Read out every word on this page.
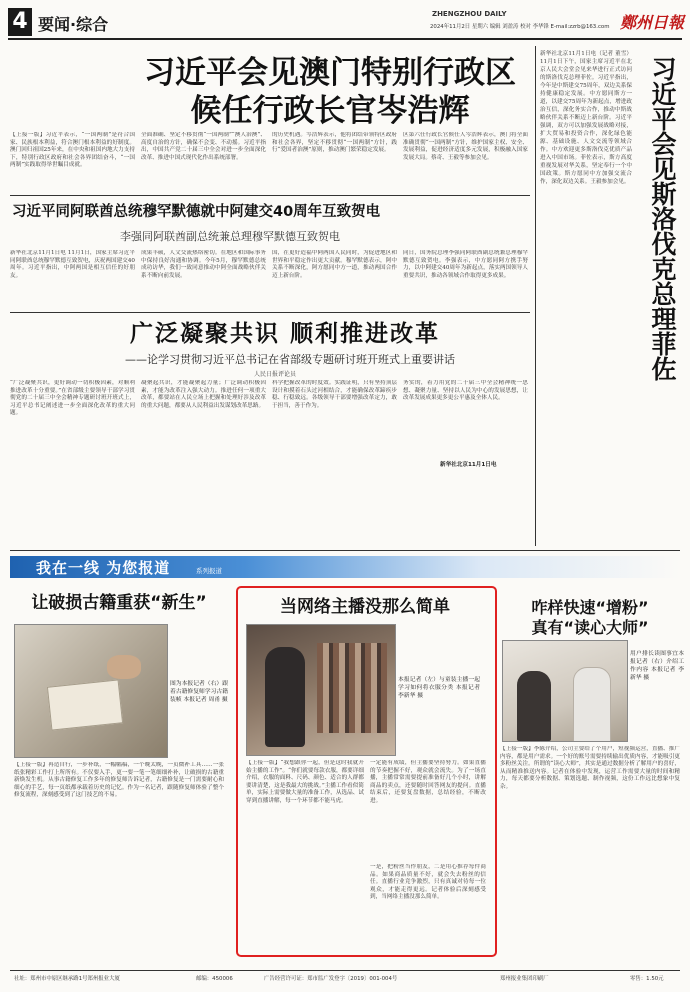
4 要闻·综合
ZHENGZHOU DAILY
2024年11月2日 星期六 编辑 刘盈涛 校对 李华锋 E-mail:zzrb@163.com 鄭州日報
习近平会见澳门特别行政区
候任行政长官岑浩辉
【上接一版】习近平表示，“一国两制”是符合国家、民族根本利益，符合澳门根本利益的好制度。澳门回归祖国25年来，在中央和祖国内地大力支持下，特别行政区政府和社会各界团结奋斗，“一国两制”实践取得举世瞩目成就。
全面准确、坚定不移贯彻“一国两制”“澳人治澳”、高度自治的方针，确保不会变、不动摇。习近平指出，中国共产党二十届三中全会对进一步全面深化改革、推进中国式现代化作出系统部署。
的历史机遇。岑浩辉表示，他将团结带领特区政府和社会各界，坚定不移贯彻“一国两制”方针，践行“爱国者治澳”原则，推动澳门繁荣稳定发展。
区第六任行政长官候任人岑浩辉表示，澳门将全面准确贯彻“一国两制”方针，维护国家主权、安全、发展利益，促进经济适度多元发展，积极融入国家发展大局。蔡奇、王毅等参加会见。
习近平同阿联酋总统穆罕默德就中阿建交40周年互致贺电
李强同阿联酋副总统兼总理穆罕默德互致贺电
新华社北京11月1日电 11月1日，国家主席习近平同阿联酋总统穆罕默德互致贺电，庆祝两国建交40周年。习近平指出，中阿两国是相互信任的好朋友。
成果丰硕，人文交流热络密切。在地区和国际事务中保持良好沟通和协调。今年5月，穆罕默德总统成功访华，我们一致同意推动中阿全面战略伙伴关系不断向前发展。
国，在更好造福中阿两国人民同时，为促进地区和世界和平稳定作出更大贡献。穆罕默德表示，阿中关系不断深化，阿方愿同中方一道，推动两国合作迈上新台阶。
同日，国务院总理李强同阿联酋副总统兼总理穆罕默德互致贺电。李强表示，中方愿同阿方携手努力，以中阿建交40周年为新起点，落实两国领导人重要共识，推动各领域合作取得更多成果。
广泛凝聚共识 顺利推进改革
——论学习贯彻习近平总书记在省部级专题研讨班开班式上重要讲话
人民日报评论员
“广泛凝聚共识，更好调动一切积极因素，对顺利推进改革十分重要。”在省部级主要领导干部学习贯彻党的二十届三中全会精神专题研讨班开班式上，习近平总书记阐述进一步全面深化改革的重大问题。
凝聚起共识，才能凝聚起力量；广泛调动积极因素，才能为改革注入强大动力。推进任何一项重大改革，都要站在人民立场上把握和处理好涉及改革的重大问题，都要从人民利益出发谋划改革思路。
科学把握改革的时度效。实践证明，只有坚持顶层设计和摸着石头过河相结合，才能确保改革蹄疾步稳、行稳致远。各级领导干部要增强改革定力，敢于担当，善于作为。
务实的，着力用党的二十届三中全会精神统一思想、凝聚力量、坚持以人民为中心的发展思想，让改革发展成果更多更公平惠及全体人民。
新华社北京11月1日电
新华社北京11月1日电（记者 董雪）11月1日下午，国家主席习近平在北京人民大会堂会见来华进行正式访问的斯洛伐克总理菲佐。习近平指出，今年是中斯建交75周年，双边关系保持健康稳定发展。中方愿同斯方一道，以建交75周年为新起点，增进政治互信，深化务实合作，推动中斯战略伙伴关系不断迈上新台阶。习近平强调，双方可以加强发展战略对接，扩大贸易和投资合作，深化绿色能源、基础设施、人文交流等领域合作。中方欢迎更多斯洛伐克优质产品进入中国市场。菲佐表示，斯方高度重视发展对华关系，坚定奉行一个中国政策。斯方愿同中方加强交流合作，深化双边关系。王毅参加会见。 习近平会见斯洛伐克总理菲佐
我在一线 为您报道	系列报道
让破损古籍重获“新生”
图为本报记者（右）跟着古籍修复师学习古籍装帧 本报记者 周甬 摄
【上接一版】再造自行，一步补纸，一幅幅稿，一个晚太晚，一页微补工具……一张纸张精彩工作打上所所有。不仅要入手，更一要一笔一笔细细补补，让破损的古籍重新焕发生机。从事古籍修复工作多年的修复师告诉记者，古籍修复是一门需要耐心和细心的手艺，每一页纸都承载着历史的记忆。作为一名记者，跟随修复师体验了整个修复流程，深刻感受到了这门技艺的不易。
当网络主播没那么简单
本报记者（左）与童装主播一起学习如何将衣服分类 本报记者 李新华 摄
【上接一版】“我想跟你一起，但是这时我就开始主播的工作”。“你们就要每款衣服，都要详细介绍，衣服的面料、尺码、颜色、适合的人群都要讲清楚，这是我最大的挑战。”主播工作看似简单，实际上需要做大量的准备工作，从选品、试穿到直播讲解，每一个环节都不能马虎。
一定能有成绩，但主播要坚持努力。如果直播的节奏把握不好，观众就会流失。为了一场直播，主播常常需要提前准备好几个小时，讲解商品的卖点，还要随时回答网友的提问。直播结束后，还要复盘数据，总结经验，不断改进。
一是，把粉丝当作朋友，二是用心推荐每件商品。如果商品质量不好，就会失去粉丝的信任。直播行业竞争激烈，只有真诚对待每一位观众，才能走得更远。记者体验后深刻感受到，当网络主播没那么简单。
咋样快速“增粉”
真有“读心大师”
用户排长读图事宜本报记者（右）介绍工作内容 本报记者 李新华 摄
【上接一版】李陈介绍，公司主要给了个用户，短视频运营，直播、推广内容，都是用户需求。一个好的账号需要持续输出优质内容，才能吸引更多粉丝关注。所谓的“读心大师”，其实是通过数据分析了解用户的喜好，从而精准推送内容。记者在体验中发现，运营工作需要大量的时间和精力，每天都要分析数据、策划选题、制作视频，这份工作远比想象中复杂。
社址：郑州市中原区继承路1号郑州报业大厦	邮编：450006	广告经营许可证：郑市监广发登字〔2019〕001-004号	郑州报业集团印刷厂	零售：1.50元
